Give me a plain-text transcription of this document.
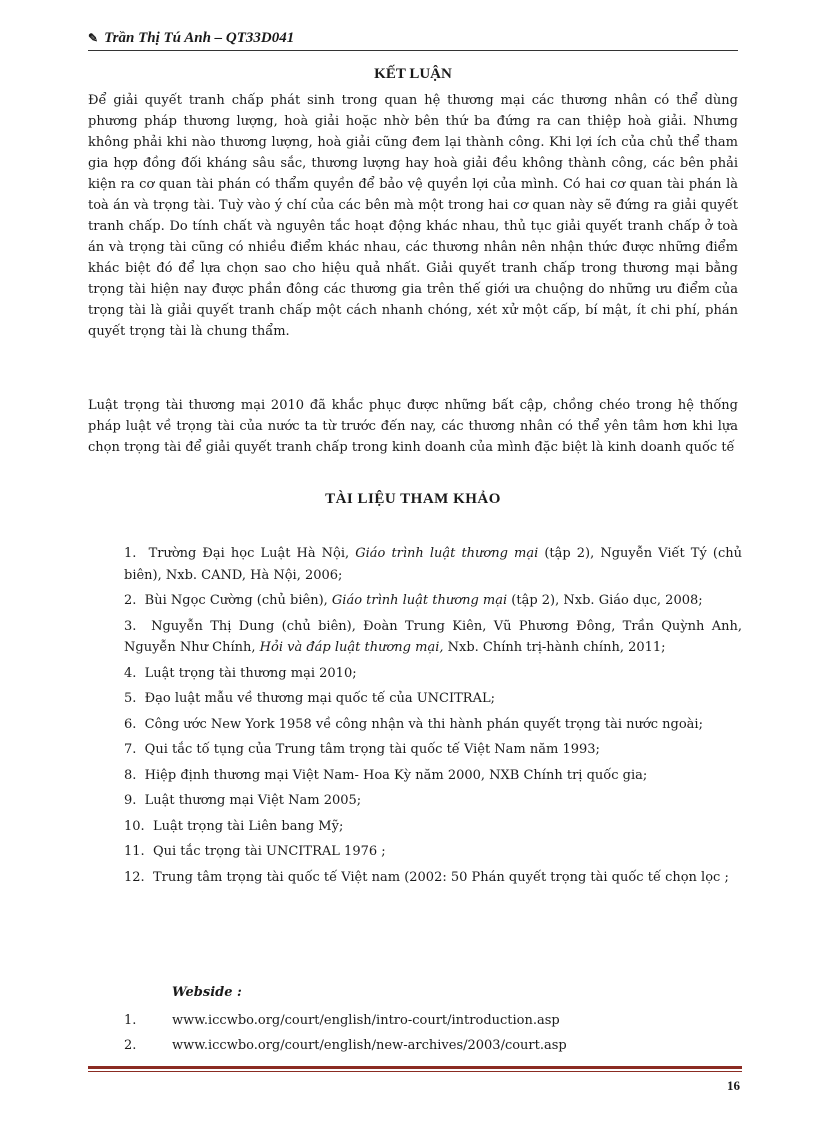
✎ Trần Thị Tú Anh – QT33D041
KẾT LUẬN

Để giải quyết tranh chấp phát sinh trong quan hệ thương mại các thương nhân có thể dùng phương pháp thương lượng, hoà giải hoặc nhờ bên thứ ba đứng ra can thiệp hoà giải. Nhưng không phải khi nào thương lượng, hoà giải cũng đem lại thành công. Khi lợi ích của chủ thể tham gia hợp đồng đối kháng sâu sắc, thương lượng hay hoà giải đều không thành công, các bên phải kiện ra cơ quan tài phán có thẩm quyền để bảo vệ quyền lợi của mình. Có hai cơ quan tài phán là toà án và trọng tài. Tuỳ vào ý chí của các bên mà một trong hai cơ quan này sẽ đứng ra giải quyết tranh chấp. Do tính chất và nguyên tắc hoạt động khác nhau, thủ tục giải quyết tranh chấp ở toà án và trọng tài cũng có nhiều điểm khác nhau, các thương nhân nên nhận thức được những điểm khác biệt đó để lựa chọn sao cho hiệu quả nhất. Giải quyết tranh chấp trong thương mại bằng trọng tài hiện nay được phần đông các thương gia trên thế giới ưa chuộng do những ưu điểm của trọng tài là giải quyết tranh chấp một cách nhanh chóng, xét xử một cấp, bí mật, ít chi phí, phán quyết trọng tài là chung thẩm.

Luật trọng tài thương mại 2010 đã khắc phục được những bất cập, chồng chéo trong hệ thống pháp luật về trọng tài của nước ta từ trước đến nay, các thương nhân có thể yên tâm hơn khi lựa chọn trọng tài để giải quyết tranh chấp trong kinh doanh của mình đặc biệt là kinh doanh quốc tế

TÀI LIỆU THAM KHẢO
1. Trường Đại học Luật Hà Nội, Giáo trình luật thương mại (tập 2), Nguyễn Viết Tý (chủ biên), Nxb. CAND, Hà Nội, 2006;
2. Bùi Ngọc Cường (chủ biên), Giáo trình luật thương mại (tập 2), Nxb. Giáo dục, 2008;
3. Nguyễn Thị Dung (chủ biên), Đoàn Trung Kiên, Vũ Phương Đông, Trần Quỳnh Anh, Nguyễn Như Chính, Hỏi và đáp luật thương mại, Nxb. Chính trị-hành chính, 2011;
4. Luật trọng tài thương mại 2010;
5. Đạo luật mẫu về thương mại quốc tế của UNCITRAL;
6. Công ước New York 1958 về công nhận và thi hành phán quyết trọng tài nước ngoài;
7. Qui tắc tố tụng của Trung tâm trọng tài quốc tế Việt Nam năm 1993;
8. Hiệp định thương mại Việt Nam- Hoa Kỳ năm 2000, NXB Chính trị quốc gia;
9. Luật thương mại Việt Nam 2005;
10. Luật trọng tài Liên bang Mỹ;
11. Qui tắc trọng tài UNCITRAL 1976 ;
12. Trung tâm trọng tài quốc tế Việt nam (2002: 50 Phán quyết trọng tài quốc tế chọn lọc ;
Webside :
1.	www.iccwbo.org/court/english/intro-court/introduction.asp
2.	www.iccwbo.org/court/english/new-archives/2003/court.asp
16
